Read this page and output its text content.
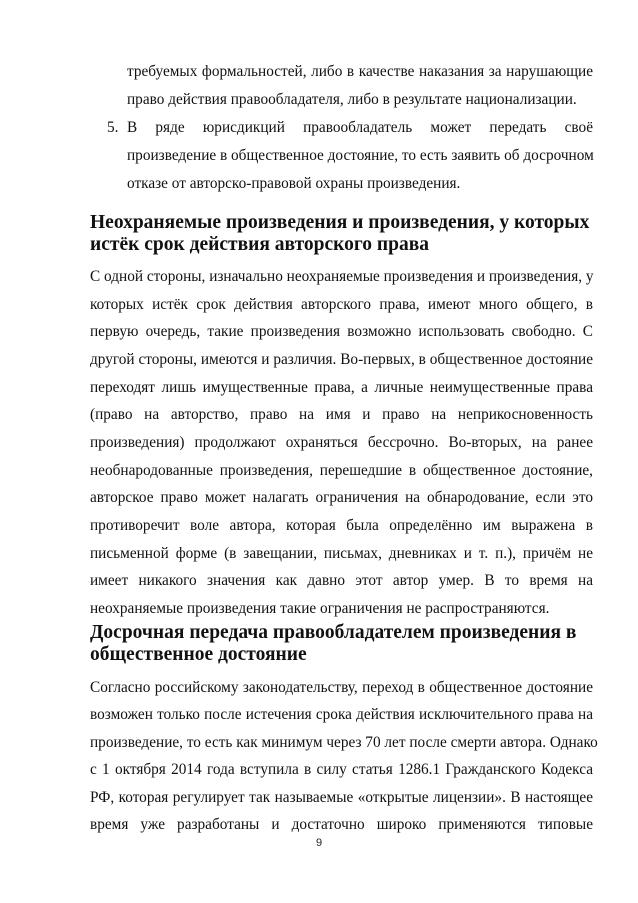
требуемых формальностей, либо в качестве наказания за нарушающие
право действия правообладателя, либо в результате национализации.
5. В ряде юрисдикций правообладатель может передать своё
произведение в общественное достояние, то есть заявить об досрочном
отказе от авторско-правовой охраны произведения.
Неохраняемые произведения и произведения, у которых
истёк срок действия авторского права
С одной стороны, изначально неохраняемые произведения и произведения, у
которых истёк срок действия авторского права, имеют много общего, в
первую очередь, такие произведения возможно использовать свободно. С
другой стороны, имеются и различия. Во-первых, в общественное достояние
переходят лишь имущественные права, а личные неимущественные права
(право на авторство, право на имя и право на неприкосновенность
произведения) продолжают охраняться бессрочно. Во-вторых, на ранее
необнародованные произведения, перешедшие в общественное достояние,
авторское право может налагать ограничения на обнародование, если это
противоречит воле автора, которая была определённо им выражена в
письменной форме (в завещании, письмах, дневниках и т. п.), причём не
имеет никакого значения как давно этот автор умер. В то время на
неохраняемые произведения такие ограничения не распространяются.
Досрочная передача правообладателем произведения в
общественное достояние
Согласно российскому законодательству, переход в общественное достояние
возможен только после истечения срока действия исключительного права на
произведение, то есть как минимум через 70 лет после смерти автора. Однако
с 1 октября 2014 года вступила в силу статья 1286.1 Гражданского Кодекса
РФ, которая регулирует так называемые «открытые лицензии». В настоящее
время уже разработаны и достаточно широко применяются типовые
9
